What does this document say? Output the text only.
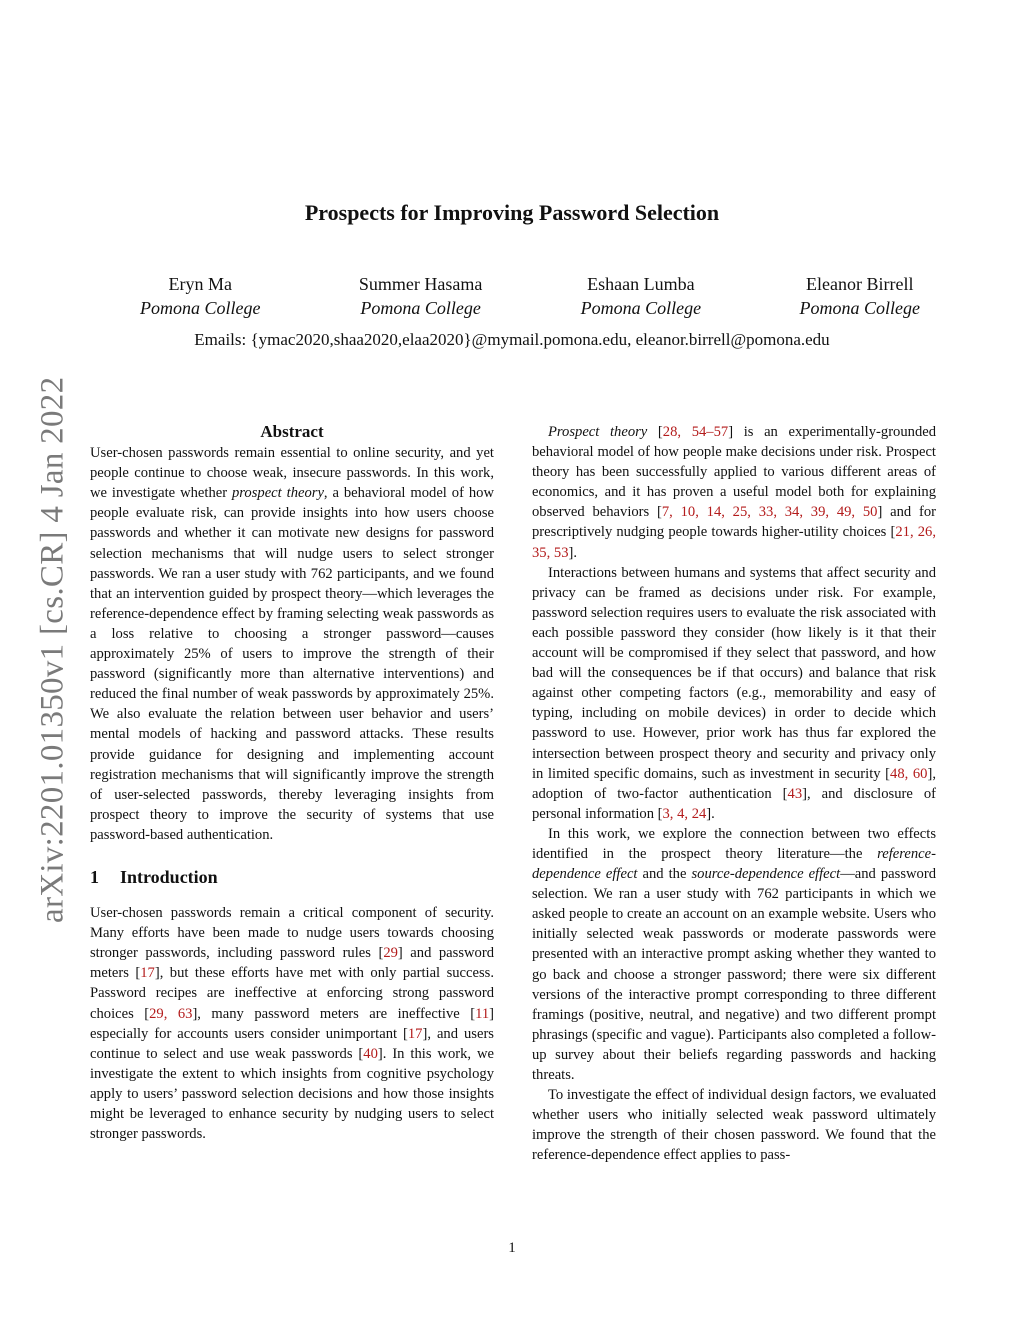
arXiv:2201.01350v1 [cs.CR] 4 Jan 2022
Prospects for Improving Password Selection
Eryn Ma
Pomona College
Summer Hasama
Pomona College
Eshaan Lumba
Pomona College
Eleanor Birrell
Pomona College
Emails: {ymac2020,shaa2020,elaa2020}@mymail.pomona.edu, eleanor.birrell@pomona.edu
Abstract

User-chosen passwords remain essential to online security, and yet people continue to choose weak, insecure passwords. In this work, we investigate whether prospect theory, a behavioral model of how people evaluate risk, can provide insights into how users choose passwords and whether it can motivate new designs for password selection mechanisms that will nudge users to select stronger passwords. We ran a user study with 762 participants, and we found that an intervention guided by prospect theory—which leverages the reference-dependence effect by framing selecting weak passwords as a loss relative to choosing a stronger password—causes approximately 25% of users to improve the strength of their password (significantly more than alternative interventions) and reduced the final number of weak passwords by approximately 25%. We also evaluate the relation between user behavior and users’ mental models of hacking and password attacks. These results provide guidance for designing and implementing account registration mechanisms that will significantly improve the strength of user-selected passwords, thereby leveraging insights from prospect theory to improve the security of systems that use password-based authentication.

1 Introduction

User-chosen passwords remain a critical component of security. Many efforts have been made to nudge users towards choosing stronger passwords, including password rules [29] and password meters [17], but these efforts have met with only partial success. Password recipes are ineffective at enforcing strong password choices [29, 63], many password meters are ineffective [11] especially for accounts users consider unimportant [17], and users continue to select and use weak passwords [40]. In this work, we investigate the extent to which insights from cognitive psychology apply to users’ password selection decisions and how those insights might be leveraged to enhance security by nudging users to select stronger passwords.

Prospect theory [28, 54–57] is an experimentally-grounded behavioral model of how people make decisions under risk. Prospect theory has been successfully applied to various different areas of economics, and it has proven a useful model both for explaining observed behaviors [7, 10, 14, 25, 33, 34, 39, 49, 50] and for prescriptively nudging people towards higher-utility choices [21, 26, 35, 53].

Interactions between humans and systems that affect security and privacy can be framed as decisions under risk. For example, password selection requires users to evaluate the risk associated with each possible password they consider (how likely is it that their account will be compromised if they select that password, and how bad will the consequences be if that occurs) and balance that risk against other competing factors (e.g., memorability and easy of typing, including on mobile devices) in order to decide which password to use. However, prior work has thus far explored the intersection between prospect theory and security and privacy only in limited specific domains, such as investment in security [48, 60], adoption of two-factor authentication [43], and disclosure of personal information [3, 4, 24].

In this work, we explore the connection between two effects identified in the prospect theory literature—the reference-dependence effect and the source-dependence effect—and password selection. We ran a user study with 762 participants in which we asked people to create an account on an example website. Users who initially selected weak passwords or moderate passwords were presented with an interactive prompt asking whether they wanted to go back and choose a stronger password; there were six different versions of the interactive prompt corresponding to three different framings (positive, neutral, and negative) and two different prompt phrasings (specific and vague). Participants also completed a follow-up survey about their beliefs regarding passwords and hacking threats.

To investigate the effect of individual design factors, we evaluated whether users who initially selected weak password ultimately improve the strength of their chosen password. We found that the reference-dependence effect applies to pass-

1
